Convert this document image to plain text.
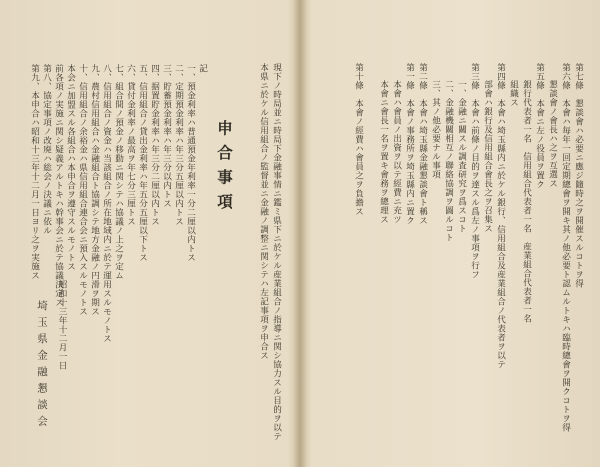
現下ノ時局並ニ時局下金融事情ニ鑑ミ県下ニ於ケル産業組合ノ指導ニ関シ協力スル目的ヲ以テ
本県ニ於ケル信用組合ノ監督並ニ金融ノ調整ニ関シテハ左記事項ヲ申合ス
申合事項
記
一、預金利率ハ普通預金年利率一分二厘以内トス
二、定期預金利率ハ年三分五厘以内トス
三、貯蓄預金利率ハ年三分以内トス
四、据置貯金利率ハ年三分二厘以内トス
五、信用組合ノ貸出金利率ハ年五分五厘以下トス
六、貸付金利率ノ最高ヲ年七分三厘トス
七、組合間ノ預金ノ移動ニ関シテハ協議ノ上之ヲ定ム
八、信用組合ノ資金ハ当該組合ノ所在地域内ニ於テ運用スルモノトス
九、農村信用組合ハ金融組合ト協調シテ地方金融ノ円滑ヲ期ス
十、信用組合ノ余裕金ハ県信用組合連合会ニ預入スルモノトス
本会ニ加盟スル各組合ハ本申合ヲ遵守スルモノトス
前各項ノ実施ニ関シ疑義アルトキハ幹事会ニ於テ協議決定ス
第八、協定事項ノ改廃ハ総会ノ決議ニ依ル
第九、本申合ハ昭和十三年十二月一日ヨリ之ヲ実施ス
昭和十三年十二月一日
埼玉県金融懇談会
第七條　懇談會ハ必要ニ應ジ隨時之ヲ開催スルコトヲ得
第六條　本會ハ毎年一回定期總會ヲ開キ其ノ他必要ト認ムルトキハ臨時總會ヲ開クコトヲ得
懇談會ノ會長ハ之ヲ互選ス
第五條　本會ニ左ノ役員ヲ置ク
銀行代表者一名　信用組合代表者一名　産業組合代表者一名
組織ス
第四條　本會ハ埼玉縣内ニ於ケル銀行、信用組合及産業組合ノ代表者ヲ以テ
部會ハ銀行及信用組合會長之ヲ召集ス
第三條　本會ハ前條ノ目的ヲ達スル爲左ノ事項ヲ行フ
一、金融ニ關スル調査研究ヲ爲スコト
二、金融機關相互ノ聯絡協調ヲ圖ルコト
三、其ノ他必要ナル事項
第二條　本會ハ埼玉縣金融懇談會ト稱ス
第一條　本會ノ事務所ヲ埼玉縣内ニ置ク
本會ハ會員ノ出資ヲ以テ經費ニ充ツ
本會ニ會長一名ヲ置キ會務ヲ總理ス
第十條　本會ノ經費ハ會員之ヲ負擔ス
